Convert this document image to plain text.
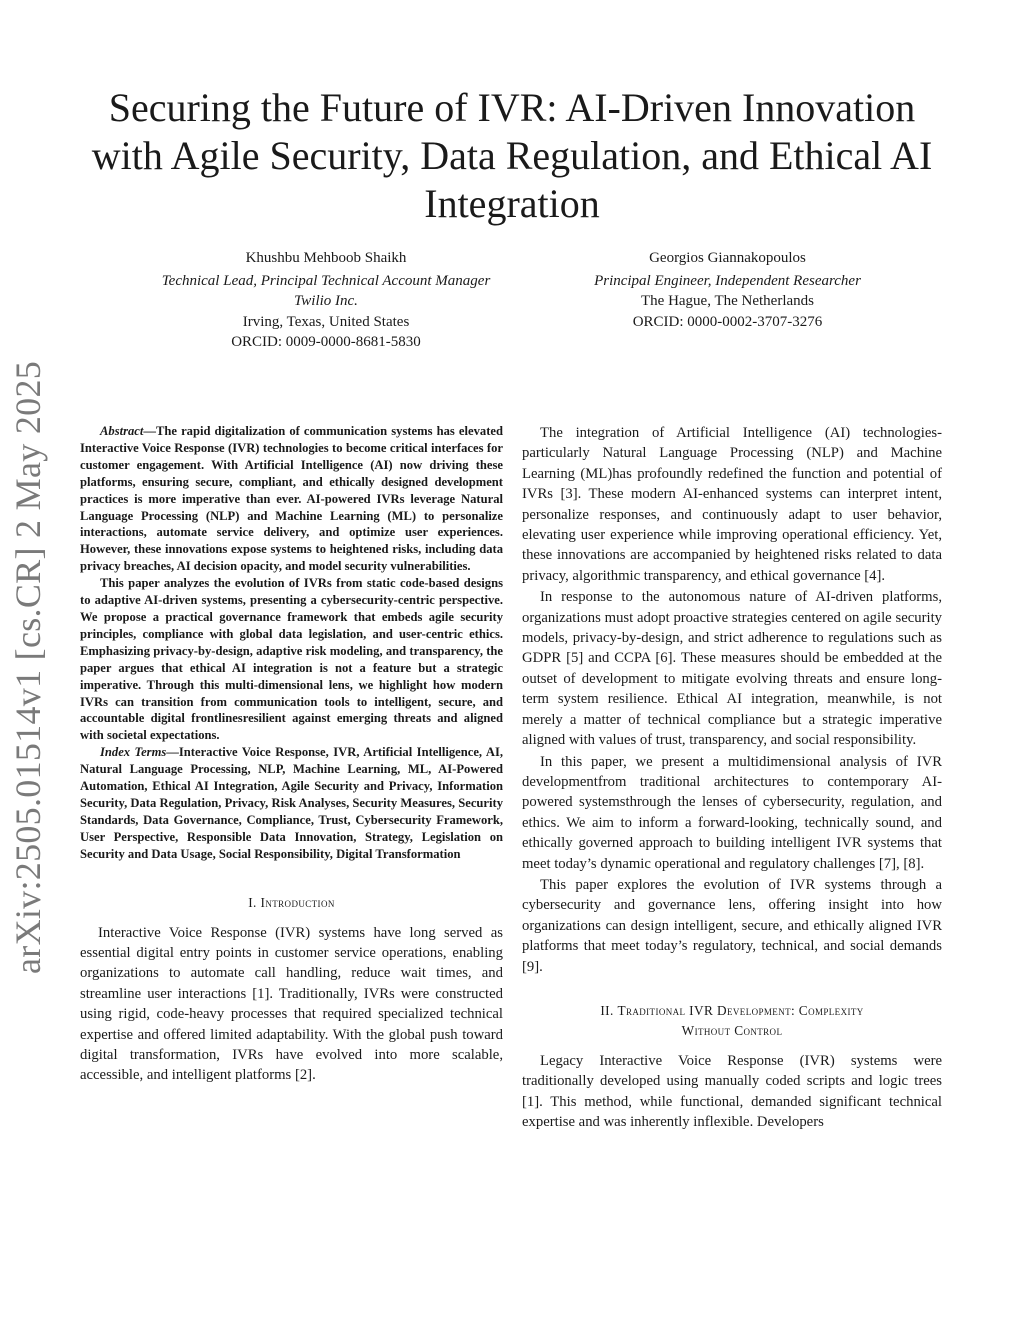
arXiv:2505.01514v1 [cs.CR] 2 May 2025
Securing the Future of IVR: AI-Driven Innovation with Agile Security, Data Regulation, and Ethical AI Integration
Khushbu Mehboob Shaikh
Technical Lead, Principal Technical Account Manager
Twilio Inc.
Irving, Texas, United States
ORCID: 0009-0000-8681-5830
Georgios Giannakopoulos
Principal Engineer, Independent Researcher
The Hague, The Netherlands
ORCID: 0000-0002-3707-3276

Abstract—The rapid digitalization of communication systems has elevated Interactive Voice Response (IVR) technologies to become critical interfaces for customer engagement. With Artificial Intelligence (AI) now driving these platforms, ensuring secure, compliant, and ethically designed development practices is more imperative than ever. AI-powered IVRs leverage Natural Language Processing (NLP) and Machine Learning (ML) to personalize interactions, automate service delivery, and optimize user experiences. However, these innovations expose systems to heightened risks, including data privacy breaches, AI decision opacity, and model security vulnerabilities.

This paper analyzes the evolution of IVRs from static code-based designs to adaptive AI-driven systems, presenting a cybersecurity-centric perspective. We propose a practical governance framework that embeds agile security principles, compliance with global data legislation, and user-centric ethics. Emphasizing privacy-by-design, adaptive risk modeling, and transparency, the paper argues that ethical AI integration is not a feature but a strategic imperative. Through this multi-dimensional lens, we highlight how modern IVRs can transition from communication tools to intelligent, secure, and accountable digital frontlinesresilient against emerging threats and aligned with societal expectations.

Index Terms—Interactive Voice Response, IVR, Artificial Intelligence, AI, Natural Language Processing, NLP, Machine Learning, ML, AI-Powered Automation, Ethical AI Integration, Agile Security and Privacy, Information Security, Data Regulation, Privacy, Risk Analyses, Security Measures, Security Standards, Data Governance, Compliance, Trust, Cybersecurity Framework, User Perspective, Responsible Data Innovation, Strategy, Legislation on Security and Data Usage, Social Responsibility, Digital Transformation

I. Introduction

Interactive Voice Response (IVR) systems have long served as essential digital entry points in customer service operations, enabling organizations to automate call handling, reduce wait times, and streamline user interactions [1]. Traditionally, IVRs were constructed using rigid, code-heavy processes that required specialized technical expertise and offered limited adaptability. With the global push toward digital transformation, IVRs have evolved into more scalable, accessible, and intelligent platforms [2].

The integration of Artificial Intelligence (AI) technologies-particularly Natural Language Processing (NLP) and Machine Learning (ML)has profoundly redefined the function and potential of IVRs [3]. These modern AI-enhanced systems can interpret intent, personalize responses, and continuously adapt to user behavior, elevating user experience while improving operational efficiency. Yet, these innovations are accompanied by heightened risks related to data privacy, algorithmic transparency, and ethical governance [4].

In response to the autonomous nature of AI-driven platforms, organizations must adopt proactive strategies centered on agile security models, privacy-by-design, and strict adherence to regulations such as GDPR [5] and CCPA [6]. These measures should be embedded at the outset of development to mitigate evolving threats and ensure long-term system resilience. Ethical AI integration, meanwhile, is not merely a matter of technical compliance but a strategic imperative aligned with values of trust, transparency, and social responsibility.

In this paper, we present a multidimensional analysis of IVR developmentfrom traditional architectures to contemporary AI-powered systemsthrough the lenses of cybersecurity, regulation, and ethics. We aim to inform a forward-looking, technically sound, and ethically governed approach to building intelligent IVR systems that meet today’s dynamic operational and regulatory challenges [7], [8].

This paper explores the evolution of IVR systems through a cybersecurity and governance lens, offering insight into how organizations can design intelligent, secure, and ethically aligned IVR platforms that meet today’s regulatory, technical, and social demands [9].

II. Traditional IVR Development: Complexity
Without Control

Legacy Interactive Voice Response (IVR) systems were traditionally developed using manually coded scripts and logic trees [1]. This method, while functional, demanded significant technical expertise and was inherently inflexible. Developers
